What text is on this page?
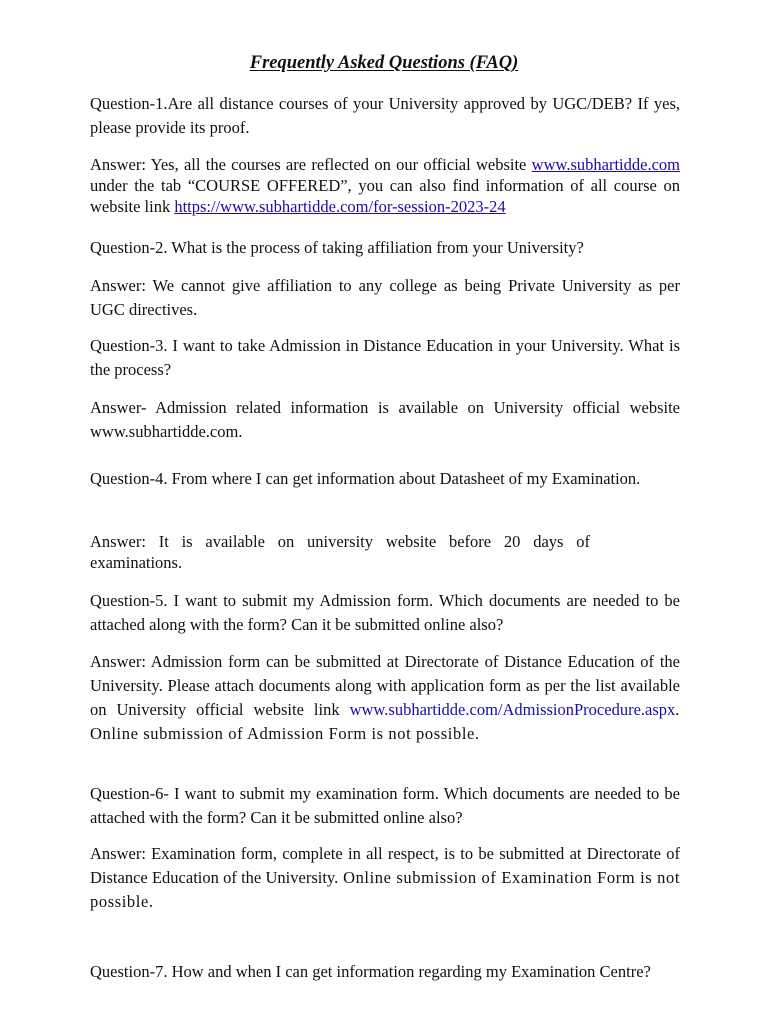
Frequently Asked Questions (FAQ)

Question-1.Are all distance courses of your University approved by UGC/DEB? If yes, please provide its proof.

Answer: Yes, all the courses are reflected on our official website www.subhartidde.com under the tab “COURSE OFFERED”, you can also find information of all course on website link https://www.subhartidde.com/for-session-2023-24

Question-2. What is the process of taking affiliation from your University?

Answer: We cannot give affiliation to any college as being Private University as per UGC directives.

Question-3. I want to take Admission in Distance Education in your University. What is the process?

Answer- Admission related information is available on University official website www.subhartidde.com.

Question-4. From where I can get information about Datasheet of my Examination.

Answer: It is available on university website before 20 days of examinations.

Question-5. I want to submit my Admission form. Which documents are needed to be attached along with the form? Can it be submitted online also?

Answer: Admission form can be submitted at Directorate of Distance Education of the University. Please attach documents along with application form as per the list available on University official website link www.subhartidde.com/AdmissionProcedure.aspx. Online submission of Admission Form is not possible.

Question-6- I want to submit my examination form. Which documents are needed to be attached with the form? Can it be submitted online also?

Answer: Examination form, complete in all respect, is to be submitted at Directorate of Distance Education of the University. Online submission of Examination Form is not possible.

Question-7. How and when I can get information regarding my Examination Centre?
